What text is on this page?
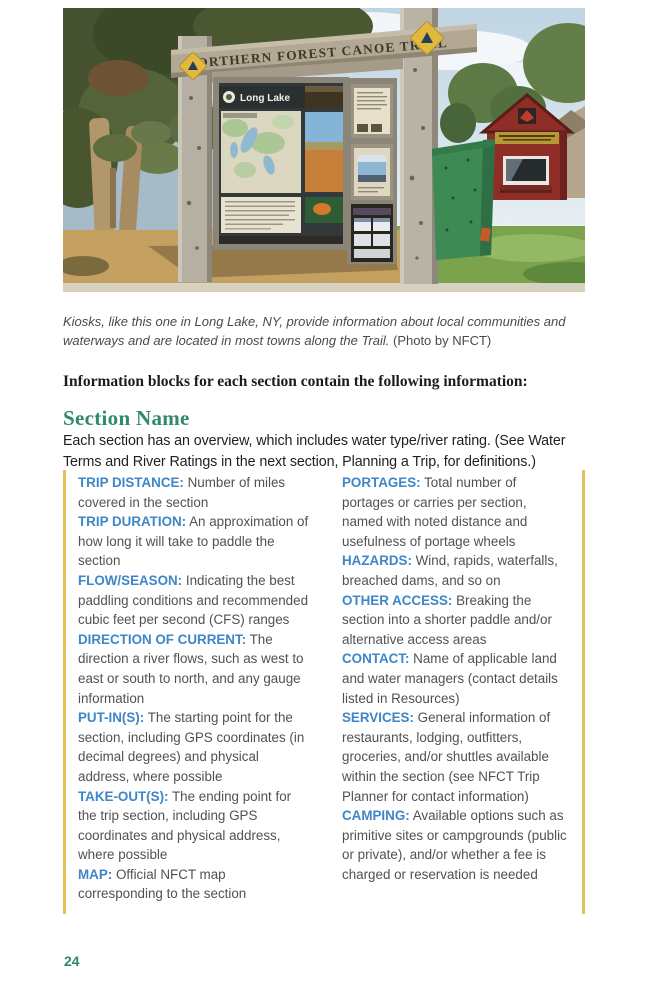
NORTHERN FOREST CANOE TRAIL
Long Lake

Kiosks, like this one in Long Lake, NY, provide information about local communities and waterways and are located in most towns along the Trail. (Photo by NFCT)

Information blocks for each section contain the following information:

Section Name

Each section has an overview, which includes water type/river rating. (See Water Terms and River Ratings in the next section, Planning a Trip, for definitions.)

TRIP DISTANCE: Number of miles covered in the section

TRIP DURATION: An approximation of how long it will take to paddle the section

FLOW/SEASON: Indicating the best paddling conditions and recommended cubic feet per second (CFS) ranges

DIRECTION OF CURRENT: The direction a river flows, such as west to east or south to north, and any gauge information

PUT-IN(S): The starting point for the section, including GPS coordinates (in decimal degrees) and physical address, where possible

TAKE-OUT(S): The ending point for the trip section, including GPS coordinates and physical address, where possible

MAP: Official NFCT map corresponding to the section

PORTAGES: Total number of portages or carries per section, named with noted distance and usefulness of portage wheels

HAZARDS: Wind, rapids, waterfalls, breached dams, and so on

OTHER ACCESS: Breaking the section into a shorter paddle and/or alternative access areas

CONTACT: Name of applicable land and water managers (contact details listed in Resources)

SERVICES: General information of restaurants, lodging, outfitters, groceries, and/or shuttles available within the section (see NFCT Trip Planner for contact information)

CAMPING: Available options such as primitive sites or campgrounds (public or private), and/or whether a fee is charged or reservation is needed

24
